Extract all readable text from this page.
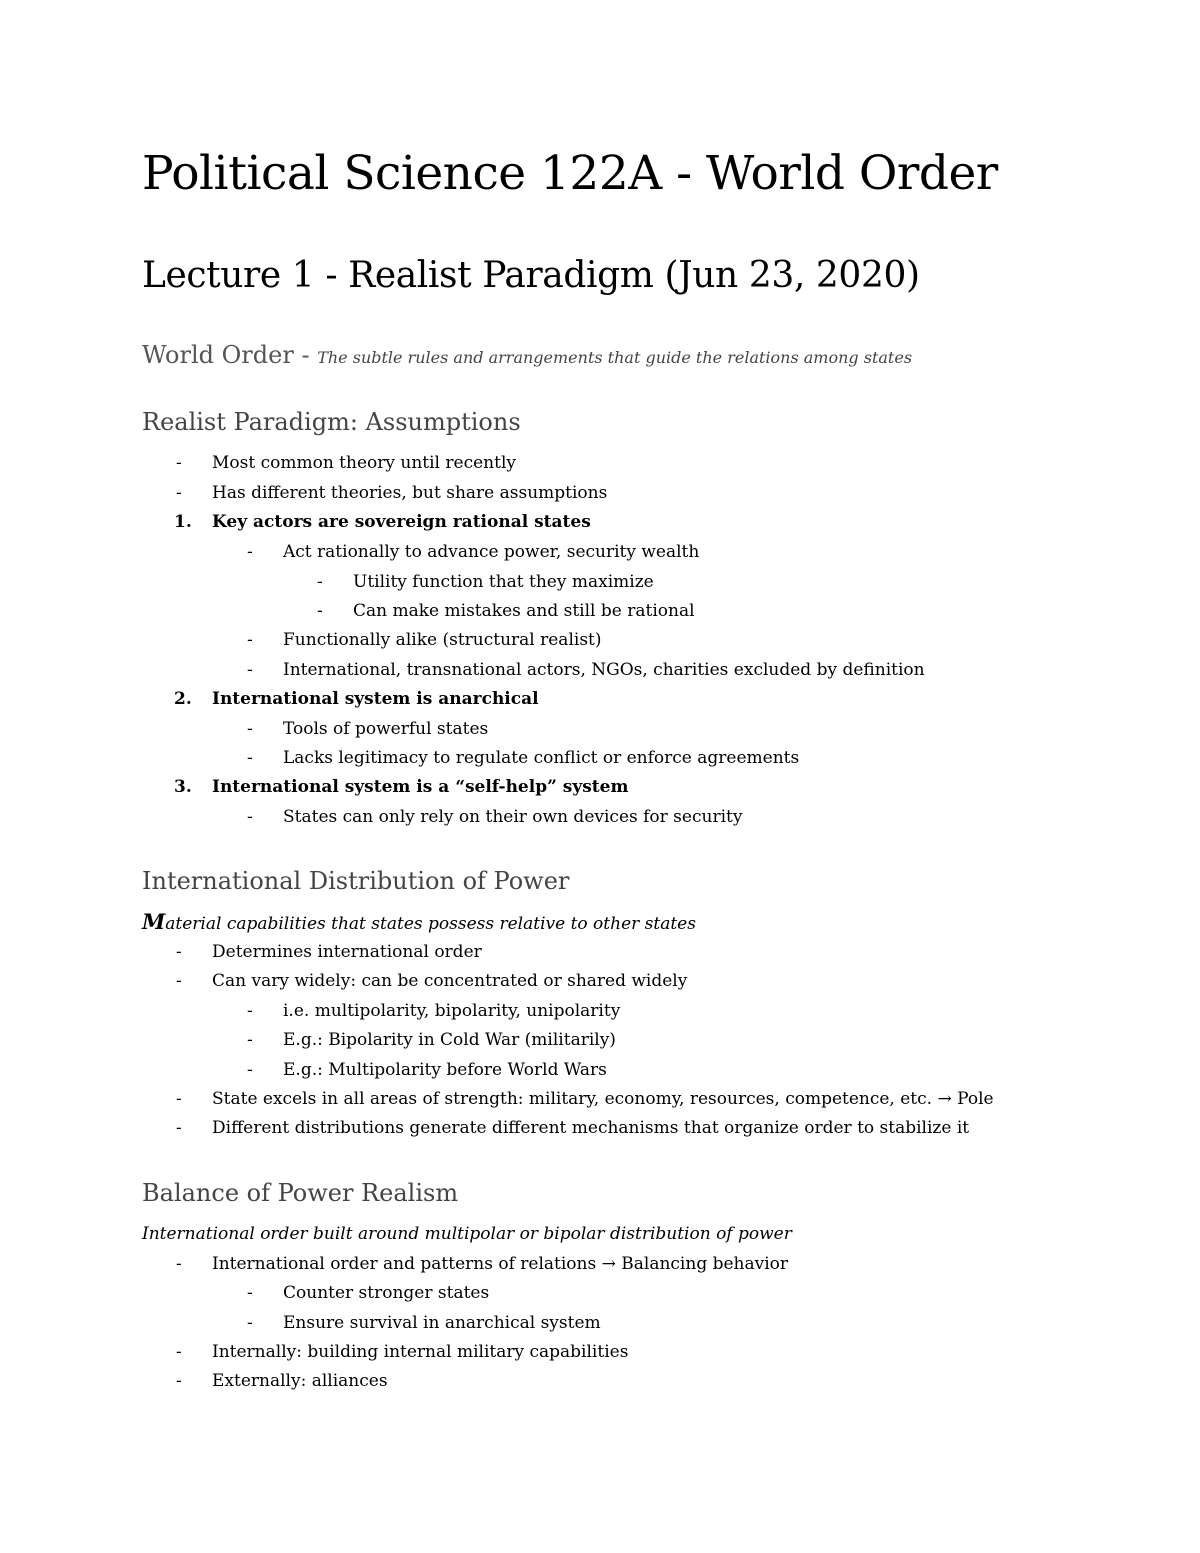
Political Science 122A - World Order
Lecture 1 - Realist Paradigm (Jun 23, 2020)

World Order - The subtle rules and arrangements that guide the relations among states

Realist Paradigm: Assumptions
- Most common theory until recently
- Has different theories, but share assumptions
1. Key actors are sovereign rational states
- Act rationally to advance power, security wealth
- Utility function that they maximize
- Can make mistakes and still be rational
- Functionally alike (structural realist)
- International, transnational actors, NGOs, charities excluded by definition
2. International system is anarchical
- Tools of powerful states
- Lacks legitimacy to regulate conflict or enforce agreements
3. International system is a “self-help” system
- States can only rely on their own devices for security
International Distribution of Power

Material capabilities that states possess relative to other states

- Determines international order
- Can vary widely: can be concentrated or shared widely
- i.e. multipolarity, bipolarity, unipolarity
- E.g.: Bipolarity in Cold War (militarily)
- E.g.: Multipolarity before World Wars
- State excels in all areas of strength: military, economy, resources, competence, etc. → Pole
- Different distributions generate different mechanisms that organize order to stabilize it
Balance of Power Realism

International order built around multipolar or bipolar distribution of power

- International order and patterns of relations → Balancing behavior
- Counter stronger states
- Ensure survival in anarchical system
- Internally: building internal military capabilities
- Externally: alliances
